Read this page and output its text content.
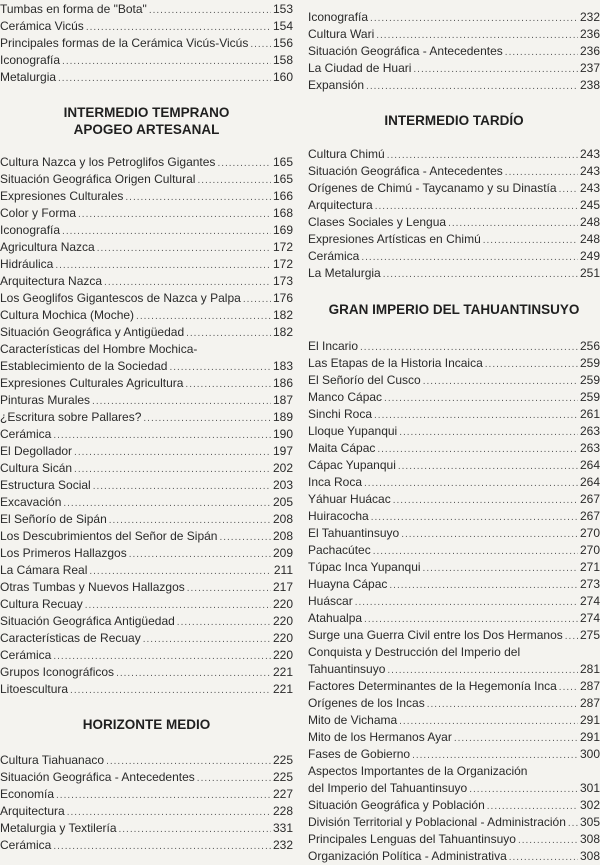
Tumbas en forma de "Bota" .....	153
Cerámica Vicús .....	154
Principales formas de la Cerámica Vicús-Vicús ..... 156
Iconografía .....	158
Metalurgia .....	160
INTERMEDIO TEMPRANO
APOGEO ARTESANAL
Cultura Nazca y los Petroglifos Gigantes .....	165
Situación Geográfica Origen Cultural .....	165
Expresiones Culturales .....	166
Color y Forma .....	168
Iconografía .....	169
Agricultura Nazca .....	172
Hidráulica .....	172
Arquitectura Nazca .....	173
Los Geoglifos Gigantescos de Nazca y Palpa .....	176
Cultura Mochica (Moche) .....	182
Situación Geográfica y Antigüedad .....	182
Características del Hombre Mochica-
Establecimiento de la Sociedad .....	183
Expresiones Culturales Agricultura .....	186
Pinturas Murales .....	187
¿Escritura sobre Pallares? .....	189
Cerámica .....	190
El Degollador .....	197
Cultura Sicán .....	202
Estructura Social .....	203
Excavación .....	205
El Señorío de Sipán .....	208
Los Descubrimientos del Señor de Sipán .....	208
Los Primeros Hallazgos .....	209
La Cámara Real .....	211
Otras Tumbas y Nuevos Hallazgos .....	217
Cultura Recuay .....	220
Situación Geográfica Antigüedad .....	220
Características de Recuay .....	220
Cerámica .....	220
Grupos Iconográficos .....	221
Litoescultura .....	221
HORIZONTE MEDIO
Cultura Tiahuanaco .....	225
Situación Geográfica - Antecedentes .....	225
Economía .....	227
Arquitectura .....	228
Metalurgia y Textilería .....	331
Cerámica .....	232
Iconografía .....	232
Cultura Wari .....	236
Situación Geográfica - Antecedentes .....	236
La Ciudad de Huari .....	237
Expansión .....	238
INTERMEDIO TARDÍO
Cultura Chimú .....	243
Situación Geográfica - Antecedentes .....	243
Orígenes de Chimú - Taycanamo y su Dinastía ..... 243
Arquitectura .....	245
Clases Sociales y Lengua .....	248
Expresiones Artísticas en Chimú .....	248
Cerámica .....	249
La Metalurgia .....	251
GRAN IMPERIO DEL TAHUANTINSUYO
El Incario .....	256
Las Etapas de la Historia Incaica .....	259
El Señorío del Cusco .....	259
Manco Cápac .....	259
Sinchi Roca .....	261
Lloque Yupanqui .....	263
Maita Cápac .....	263
Cápac Yupanqui .....	264
Inca Roca .....	264
Yáhuar Huácac .....	267
Huiracocha .....	267
El Tahuantinsuyo .....	270
Pachacútec .....	270
Túpac Inca Yupanqui .....	271
Huayna Cápac .....	273
Huáscar .....	274
Atahualpa .....	274
Surge una Guerra Civil entre los Dos Hermanos ..... 275
Conquista y Destrucción del Imperio del
Tahuantinsuyo .....	281
Factores Determinantes de la Hegemonía Inca ..... 287
Orígenes de los Incas .....	287
Mito de Vichama .....	291
Mito de los Hermanos Ayar .....	291
Fases de Gobierno .....	300
Aspectos Importantes de la Organización
del Imperio del Tahuantinsuyo .....	301
Situación Geográfica y Población .....	302
División Territorial y Poblacional - Administración ..... 305
Principales Lenguas del Tahuantinsuyo .....	308
Organización Política - Administrativa .....	308
